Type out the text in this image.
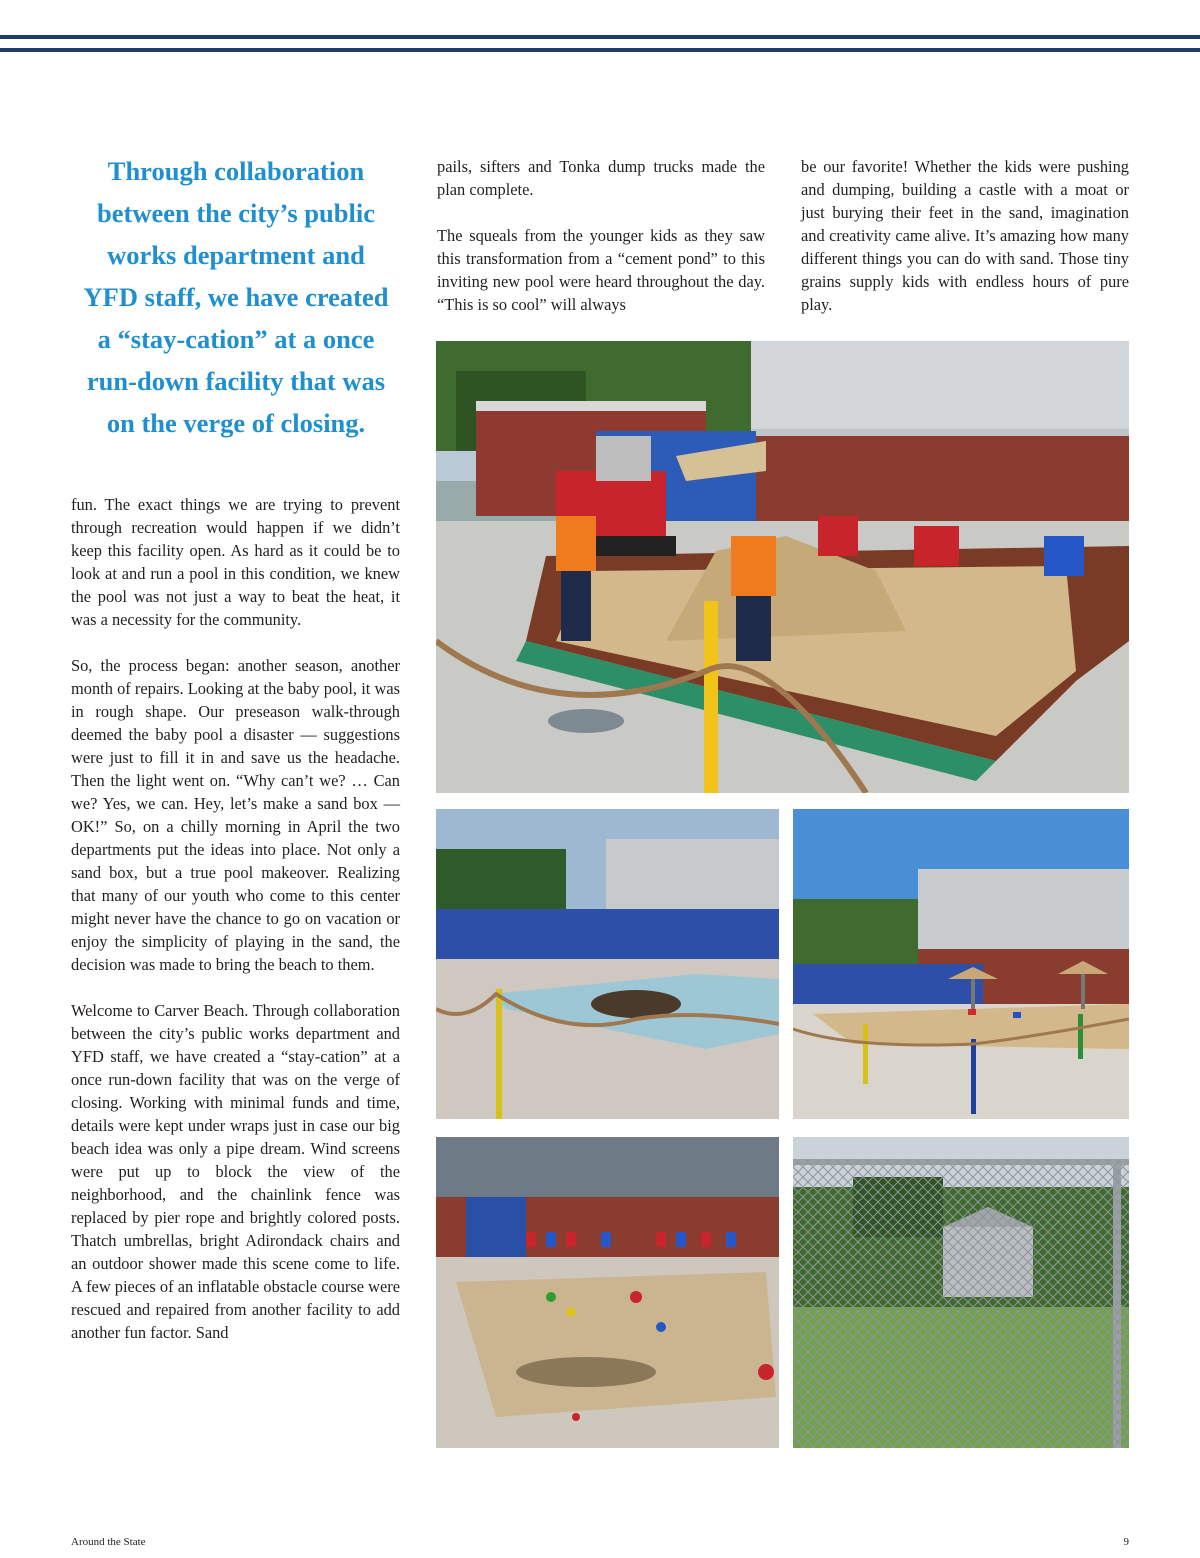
Through collaboration
between the city’s public
works department and
YFD staff, we have created
a “stay-cation” at a once
run-down facility that was
on the verge of closing.

fun. The exact things we are trying to prevent through recreation would happen if we didn’t keep this facility open. As hard as it could be to look at and run a pool in this condition, we knew the pool was not just a way to beat the heat, it was a necessity for the community.

So, the process began: another season, another month of repairs. Looking at the baby pool, it was in rough shape. Our preseason walk-through deemed the baby pool a disaster — suggestions were just to fill it in and save us the headache. Then the light went on. “Why can’t we? … Can we? Yes, we can. Hey, let’s make a sand box — OK!” So, on a chilly morning in April the two departments put the ideas into place. Not only a sand box, but a true pool makeover. Realizing that many of our youth who come to this center might never have the chance to go on vacation or enjoy the simplicity of playing in the sand, the decision was made to bring the beach to them.

Welcome to Carver Beach. Through collaboration between the city’s public works department and YFD staff, we have created a “stay-cation” at a once run-down facility that was on the verge of closing. Working with minimal funds and time, details were kept under wraps just in case our big beach idea was only a pipe dream. Wind screens were put up to block the view of the neighborhood, and the chainlink fence was replaced by pier rope and brightly colored posts. Thatch umbrellas, bright Adirondack chairs and an outdoor shower made this scene come to life. A few pieces of an inflatable obstacle course were rescued and repaired from another facility to add another fun factor. Sand

pails, sifters and Tonka dump trucks made the plan complete.

The squeals from the younger kids as they saw this transformation from a “cement pond” to this inviting new pool were heard throughout the day. “This is so cool” will always

be our favorite! Whether the kids were pushing and dumping, building a castle with a moat or just burying their feet in the sand, imagination and creativity came alive. It’s amazing how many different things you can do with sand. Those tiny grains supply kids with endless hours of pure play.

Around the State	9
